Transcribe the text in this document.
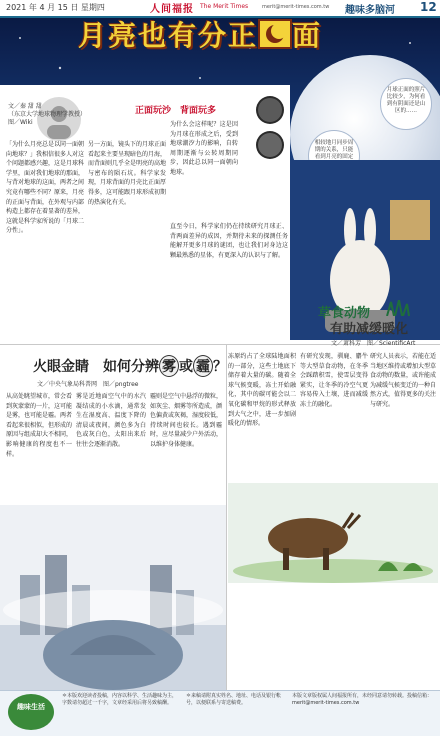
2021 年 4 月 15 日 星期四	人间福报 The Merit Times	merit@merit-times.com.tw 趣味多脑河 12
月亮也有分正 面
月球正面的照片比较少，为何看到有阴面还是山区的……
相较地月同步周期的关系，只能看到月亮的固定
文／秦 甜 甜
（东京大学地球物理学教授）
图／Wiki
正面玩沙　背面玩多
「为什么月亮总是以同一面朝向地球？」我相信很多人对这个问题都感兴趣，这是月球科学里，面对我们地球的那面，与背对地球的这面，两者之间究竟有哪些不同？原来，月亮的正面与背面，在外观与内部构造上都存在着显著的差异，这就是科学家所说的「月球二分性」。
另一方面，镜头下的月球正面看起来主要呈现暗色的月海，而背面则几乎全是明亮的高地与密布的陨石坑。科学家发现，月球背面的月壳比正面厚得多，这可能跟月球形成初期的热演化有关。
为什么会这样呢？这是因为月球在形成之后，受到地球潮汐力的影响，自转周期逐渐与公转周期同步，因此总以同一面朝向地球。
直至今日，科学家们仍在持续研究月球正、背两面差异的成因，并期待未来的探测任务能解开更多月球的谜团，也让我们对身边这颗最熟悉的星体，有更深入的认识与了解。
草食动物
有助减缓暖化
文／萧科芳　图／ScientificArt
冻原约占了全球陆地面积的一部分，这些土地底下储存着大量的碳。随着全球气候变暖，冻土开始融化，其中的碳可能会以二氧化碳和甲烷的形式释放到大气之中，进一步加剧暖化的情形。
有研究发现，驯鹿、麝牛等大型草食动物，在冬季会踩踏积雪，使雪层变得紧实，让冬季的冷空气更容易传入土壤，进而减缓冻土的融化。
研究人员表示，若能在适当地区维持或增加大型草食动物的数量，或许能成为减缓气候变迁的一种自然方式，值得更多的关注与研究。
火眼金睛　如何分辨 雾 或 霾 ？
文／中央气象局科普网　图／pngtree
从高处眺望城市，常会看到灰蒙蒙的一片，这可能是雾，也可能是霾。两者看起来很相似，但形成的原因与组成却大不相同，影响健康的程度也不一样。
雾是近地面空气中的水汽凝结成的小水滴，通常发生在湿度高、温度下降的清晨或夜间，颜色多为白色或灰白色，太阳出来后往往会逐渐消散。
霾则是空气中悬浮的微粒，如灰尘、烟雾等所造成，颜色偏黄或灰褐，湿度较低，持续时间也较长。遇到霾时，应尽量减少户外活动，以维护身体健康。
趣味生活
＊本版欢迎读者投稿，内容以科学、生活趣味为主，字数请勿超过一千字，文章经采用后将另致稿酬。
＊来稿请附真实姓名、地址、电话及银行帐号，以便联系与寄送稿费。
本版文章版权属人间福报所有，未经同意请勿转载。投稿信箱：merit@merit-times.com.tw
